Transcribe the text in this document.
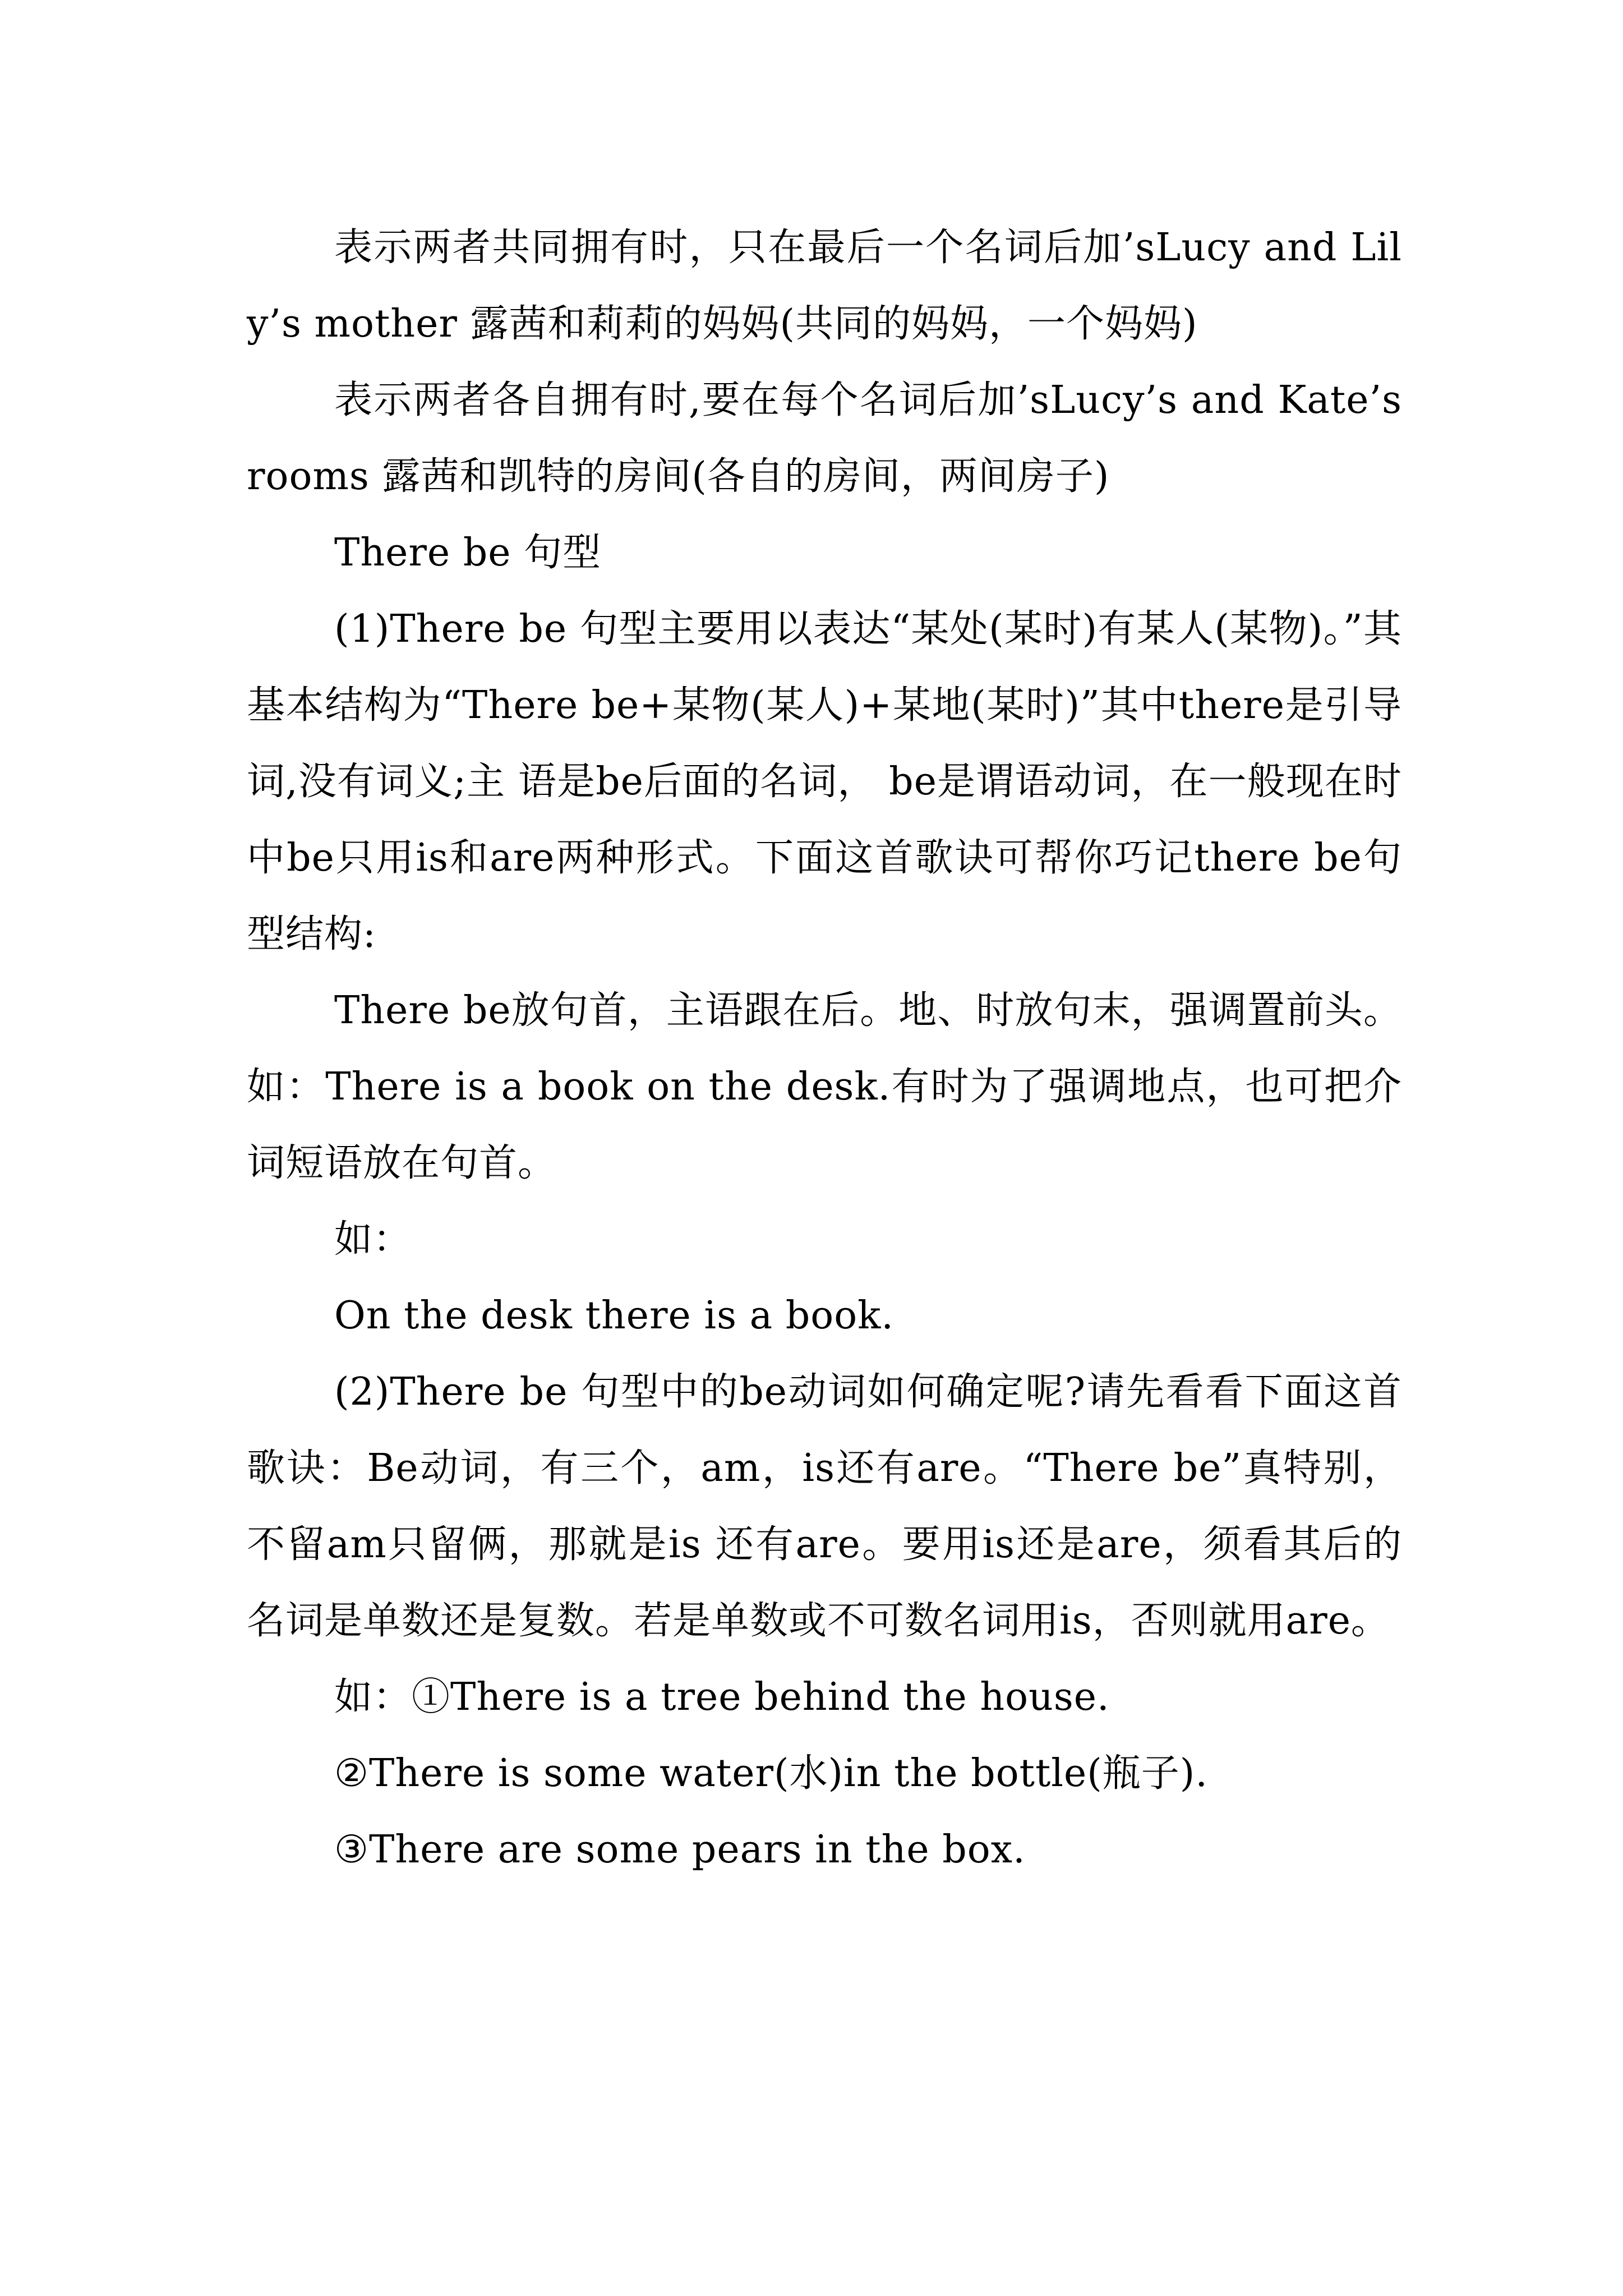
表示两者共同拥有时，只在最后一个名词后加’sLucy and Lily’s mother 露茜和莉莉的妈妈(共同的妈妈，一个妈妈)

表示两者各自拥有时,要在每个名词后加’sLucy’s and Kate’s rooms 露茜和凯特的房间(各自的房间，两间房子)

There be 句型

(1)There be 句型主要用以表达“某处(某时)有某人(某物)。”其基本结构为“There be+某物(某人)+某地(某时)”其中there是引导词,没有词义;主 语是be后面的名词， be是谓语动词，在一般现在时中be只用is和are两种形式。下面这首歌诀可帮你巧记there be句型结构:

There be放句首，主语跟在后。地、时放句末，强调置前头。如：There is a book on the desk.有时为了强调地点，也可把介词短语放在句首。

如：

On the desk there is a book.

(2)There be 句型中的be动词如何确定呢?请先看看下面这首歌诀：Be动词，有三个，am，is还有are。“There be”真特别，不留am只留俩，那就是is 还有are。要用is还是are，须看其后的名词是单数还是复数。若是单数或不可数名词用is，否则就用are。

如：①There is a tree behind the house.

②There is some water(水)in the bottle(瓶子).

③There are some pears in the box.
